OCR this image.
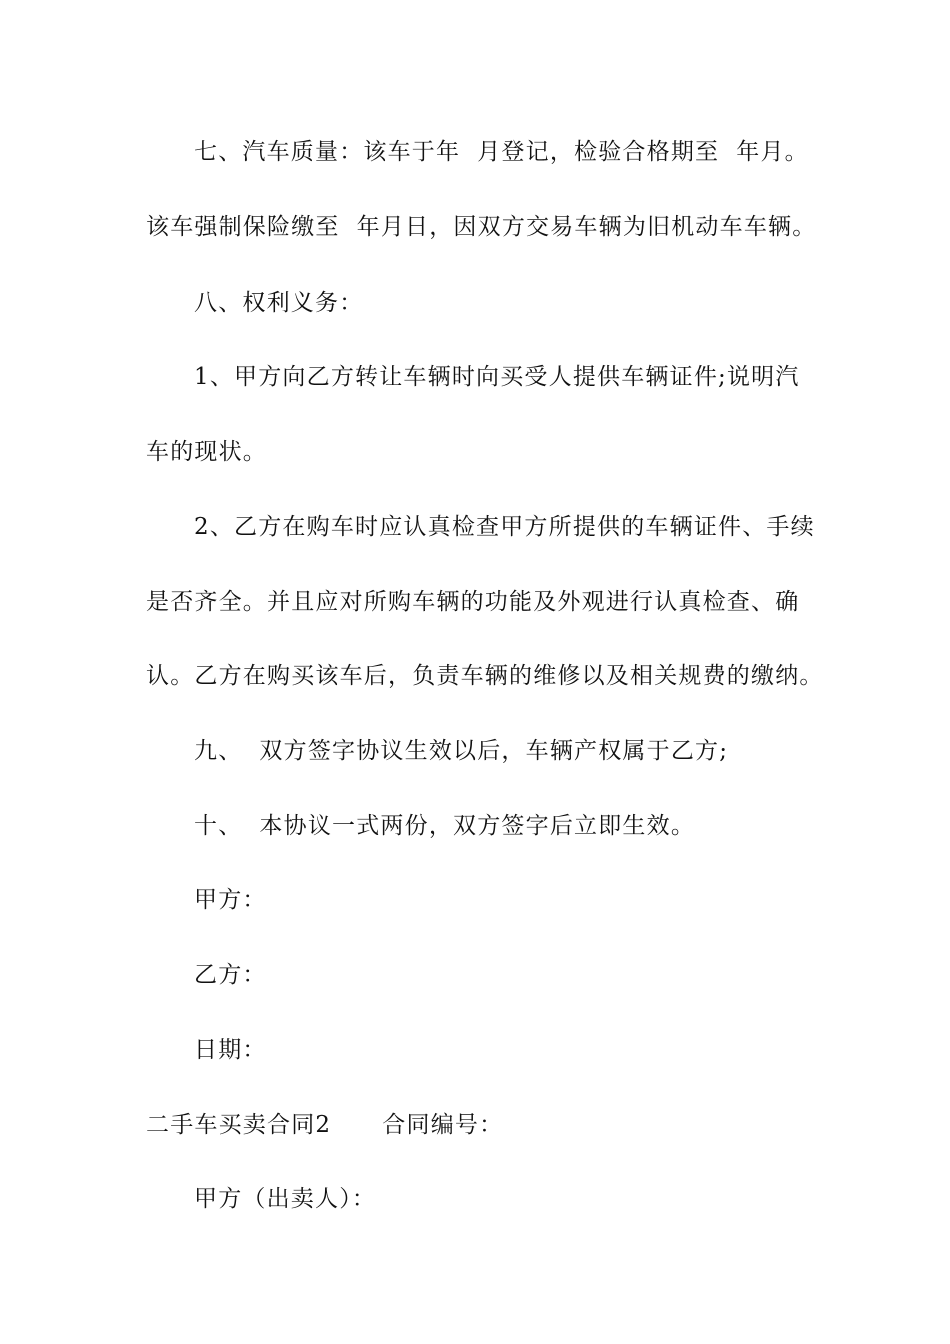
七、汽车质量：该车于年  月登记，检验合格期至  年月。
该车强制保险缴至  年月日，因双方交易车辆为旧机动车车辆。
八、权利义务：
1、甲方向乙方转让车辆时向买受人提供车辆证件;说明汽
车的现状。
2、乙方在购车时应认真检查甲方所提供的车辆证件、手续
是否齐全。并且应对所购车辆的功能及外观进行认真检查、确
认。乙方在购买该车后，负责车辆的维修以及相关规费的缴纳。
九、  双方签字协议生效以后，车辆产权属于乙方;
十、  本协议一式两份，双方签字后立即生效。
甲方：
乙方：
日期：
二手车买卖合同2      合同编号：
甲方（出卖人）：
